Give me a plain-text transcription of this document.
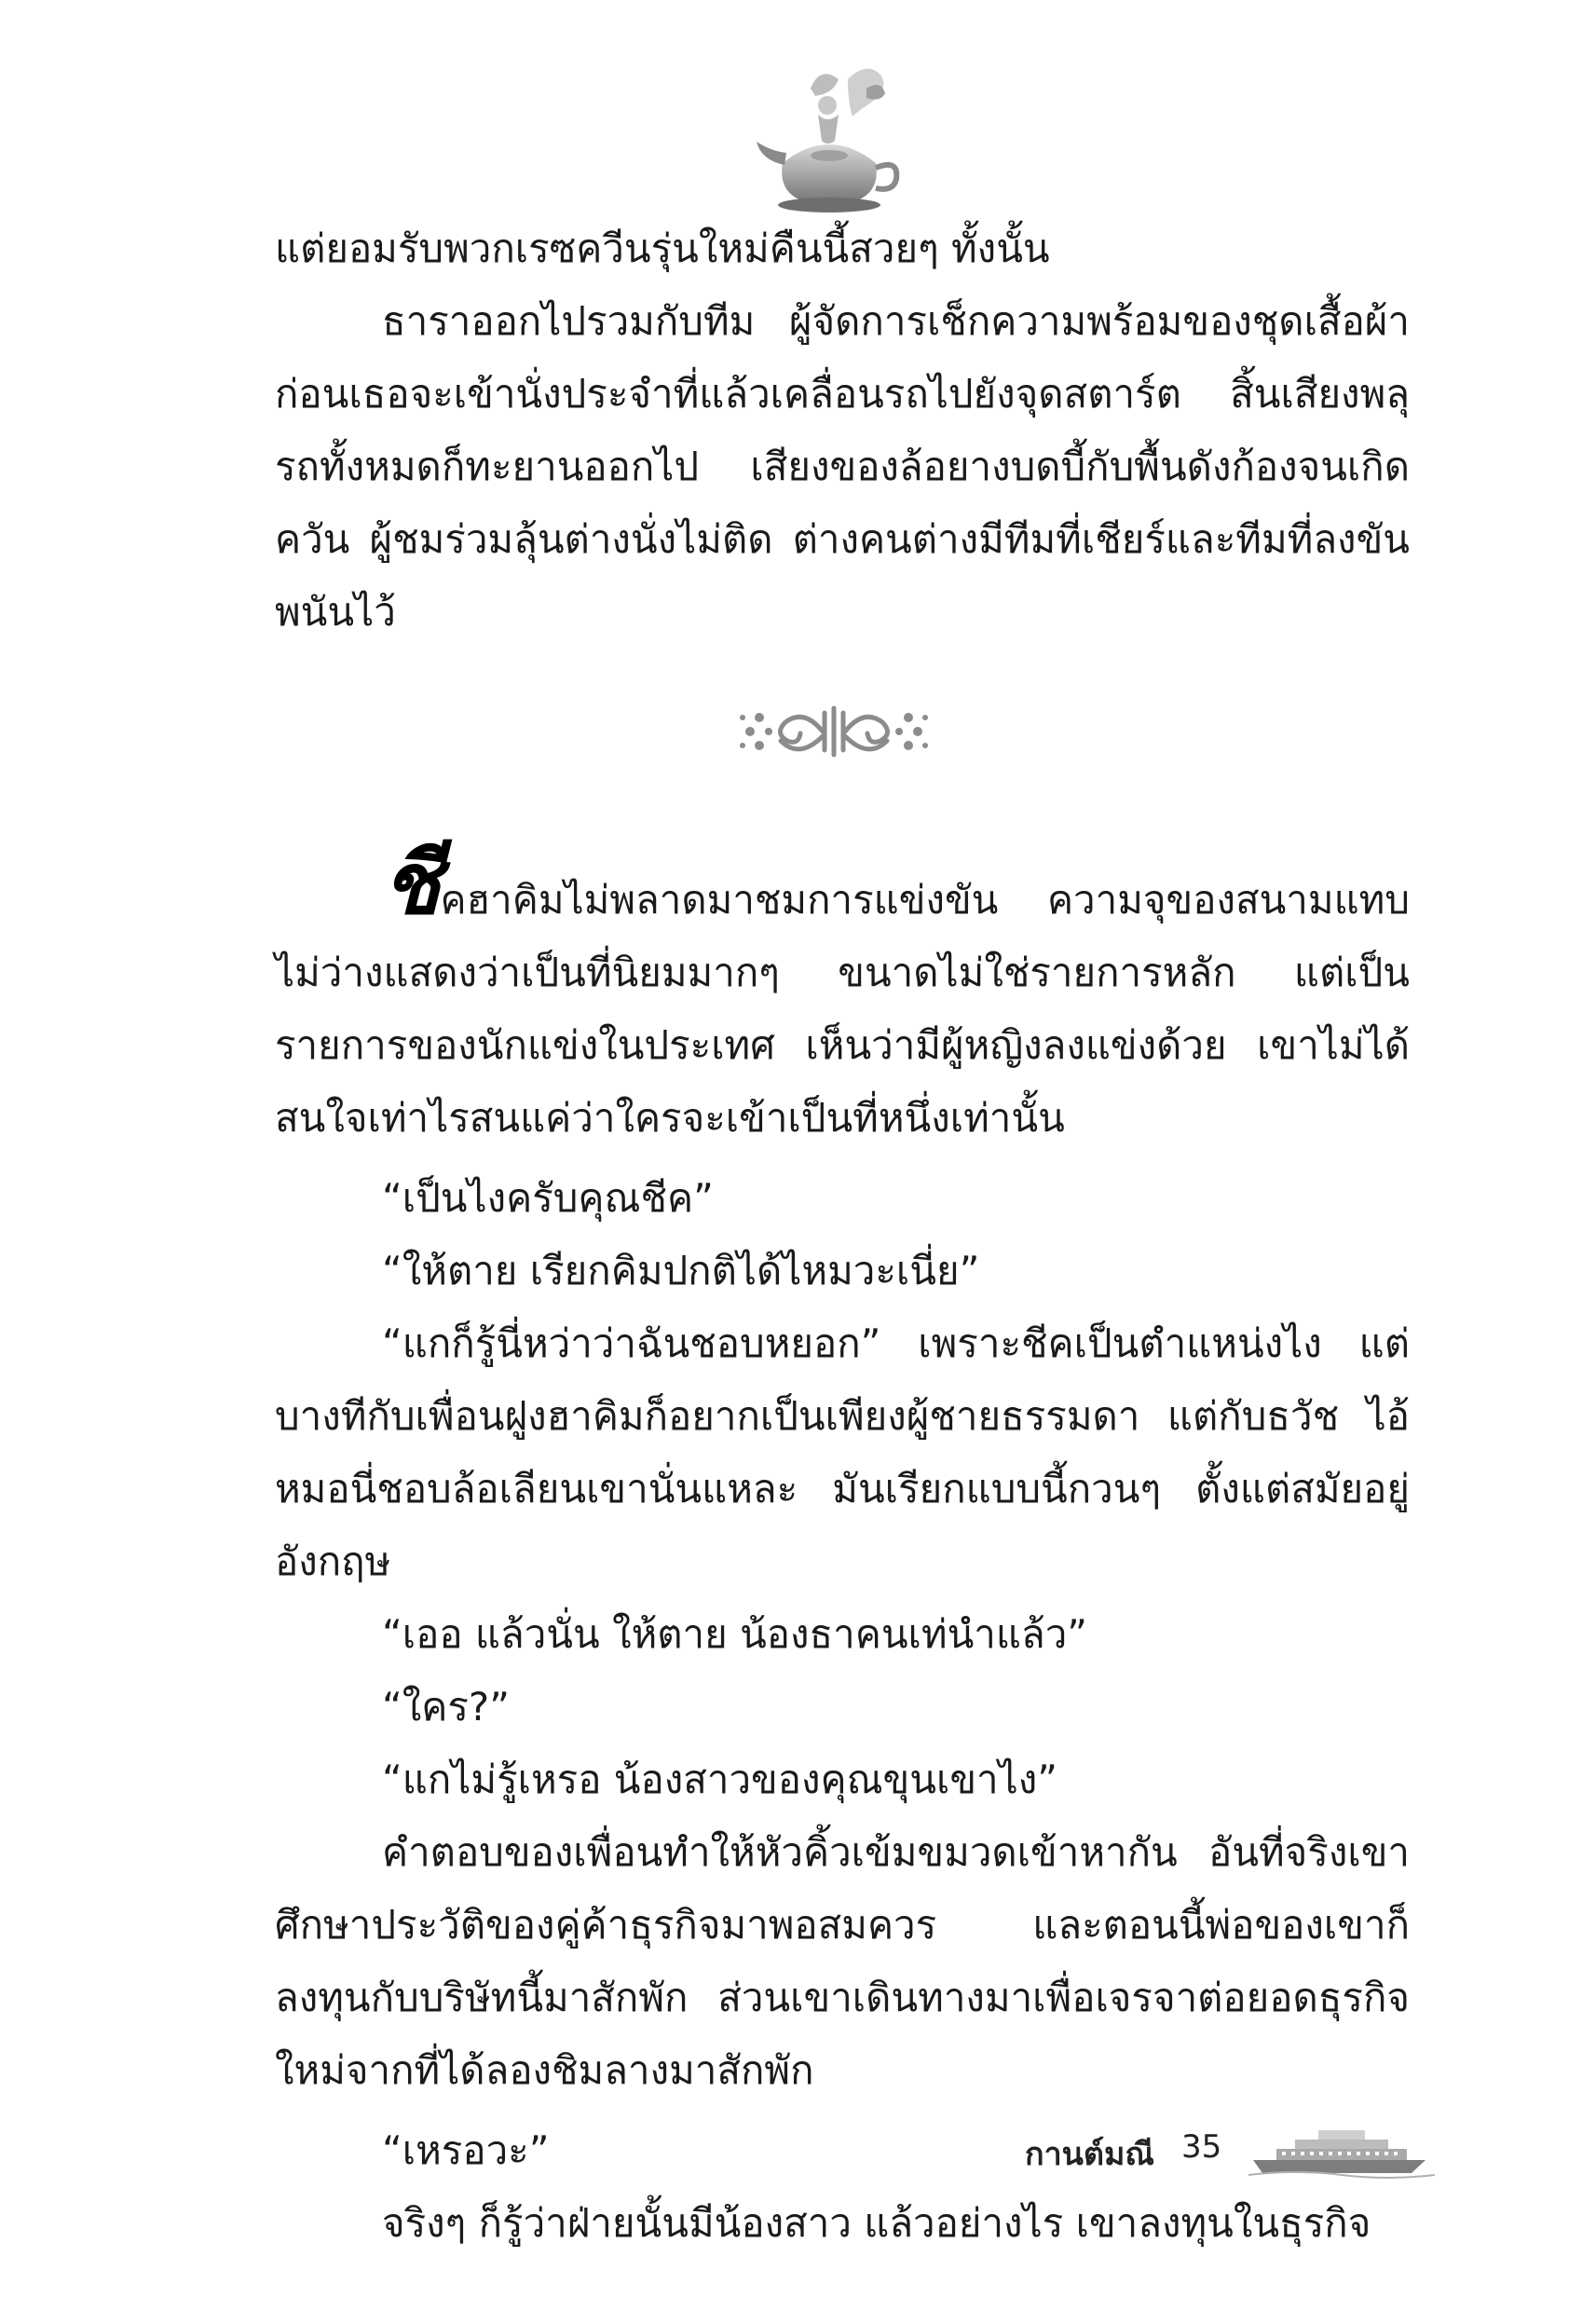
แต่ยอมรับพวกเรซควีนรุ่นใหม่คืนนี้สวยๆ ทั้งนั้น

ธาราออกไปรวมกับทีม ผู้จัดการเช็กความพร้อมของชุดเสื้อผ้าก่อนเธอจะเข้านั่งประจำที่แล้วเคลื่อนรถไปยังจุดสตาร์ต สิ้นเสียงพลุรถทั้งหมดก็ทะยานออกไป เสียงของล้อยางบดบี้กับพื้นดังก้องจนเกิดควัน ผู้ชมร่วมลุ้นต่างนั่งไม่ติด ต่างคนต่างมีทีมที่เชียร์และทีมที่ลงขันพนันไว้

ชีคฮาคิมไม่พลาดมาชมการแข่งขัน ความจุของสนามแทบไม่ว่างแสดงว่าเป็นที่นิยมมากๆ ขนาดไม่ใช่รายการหลัก แต่เป็นรายการของนักแข่งในประเทศ เห็นว่ามีผู้หญิงลงแข่งด้วย เขาไม่ได้สนใจเท่าไรสนแค่ว่าใครจะเข้าเป็นที่หนึ่งเท่านั้น

“เป็นไงครับคุณชีค”

“ให้ตาย เรียกคิมปกติได้ไหมวะเนี่ย”

“แกก็รู้นี่หว่าว่าฉันชอบหยอก” เพราะชีคเป็นตำแหน่งไง แต่บางทีกับเพื่อนฝูงฮาคิมก็อยากเป็นเพียงผู้ชายธรรมดา แต่กับธวัช ไอ้หมอนี่ชอบล้อเลียนเขานั่นแหละ มันเรียกแบบนี้กวนๆ ตั้งแต่สมัยอยู่อังกฤษ

“เออ แล้วนั่น ให้ตาย น้องธาคนเท่นำแล้ว”

“ใคร?”

“แกไม่รู้เหรอ น้องสาวของคุณขุนเขาไง”

คำตอบของเพื่อนทำให้หัวคิ้วเข้มขมวดเข้าหากัน อันที่จริงเขาศึกษาประวัติของคู่ค้าธุรกิจมาพอสมควร และตอนนี้พ่อของเขาก็ลงทุนกับบริษัทนี้มาสักพัก ส่วนเขาเดินทางมาเพื่อเจรจาต่อยอดธุรกิจใหม่จากที่ได้ลองชิมลางมาสักพัก

“เหรอวะ”

จริงๆ ก็รู้ว่าฝ่ายนั้นมีน้องสาว แล้วอย่างไร เขาลงทุนในธุรกิจ

กานต์มณี 35
